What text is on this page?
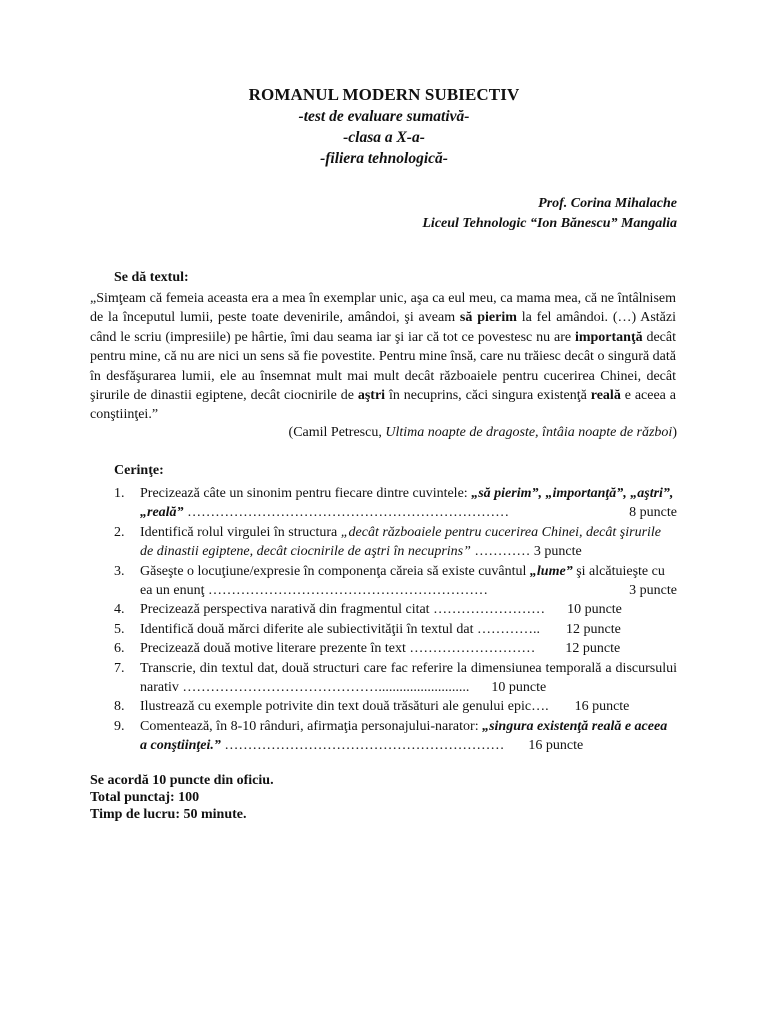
ROMANUL MODERN SUBIECTIV
-test de evaluare sumativă-
-clasa a X-a-
-filiera tehnologică-
Prof. Corina Mihalache
Liceul Tehnologic “Ion Bănescu” Mangalia
Se dă textul:
„Simţeam că femeia aceasta era a mea în exemplar unic, aşa ca eul meu, ca mama mea, că ne întâlnisem de la începutul lumii, peste toate devenirile, amândoi, şi aveam să pierim la fel amândoi. (…) Astăzi când le scriu (impresiile) pe hârtie, îmi dau seama iar şi iar că tot ce povestesc nu are importanţă decât pentru mine, că nu are nici un sens să fie povestite. Pentru mine însă, care nu trăiesc decât o singură dată în desfăşurarea lumii, ele au însemnat mult mai mult decât războaiele pentru cucerirea Chinei, decât şirurile de dinastii egiptene, decât ciocnirile de aştri în necuprins, căci singura existenţă reală e aceea a conştiinţei.”
(Camil Petrescu, Ultima noapte de dragoste, întâia noapte de război)
Cerinţe:
1. Precizează câte un sinonim pentru fiecare dintre cuvintele: „să pierim”, „importanţă”, „aştri”, „reală” ……………………………………………………………	8 puncte
2. Identifică rolul virgulei în structura „decât războaiele pentru cucerirea Chinei, decât şirurile de dinastii egiptene, decât ciocnirile de aştri în necuprins” ………… 3 puncte
3. Găseşte o locuţiune/expresie în componenţa căreia să existe cuvântul „lume” şi alcătuieşte cu ea un enunţ ……………………………………………………	3 puncte
4. Precizează perspectiva narativă din fragmentul citat …………………… 10 puncte
5. Identifică două mărci diferite ale subiectivităţii în textul dat ………….. 12 puncte
6. Precizează două motive literare prezente în text ……………………… 12 puncte
7. Transcrie, din textul dat, două structuri care fac referire la dimensiunea temporală a discursului narativ …………………………………….......................... 10 puncte
8. Ilustrează cu exemple potrivite din text două trăsături ale genului epic…. 16 puncte
9. Comentează, în 8-10 rânduri, afirmaţia personajului-narator: „singura existenţă reală e aceea a conştiinţei.” …………………………………………………… 16 puncte
Se acordă 10 puncte din oficiu.
Total punctaj: 100
Timp de lucru: 50 minute.
